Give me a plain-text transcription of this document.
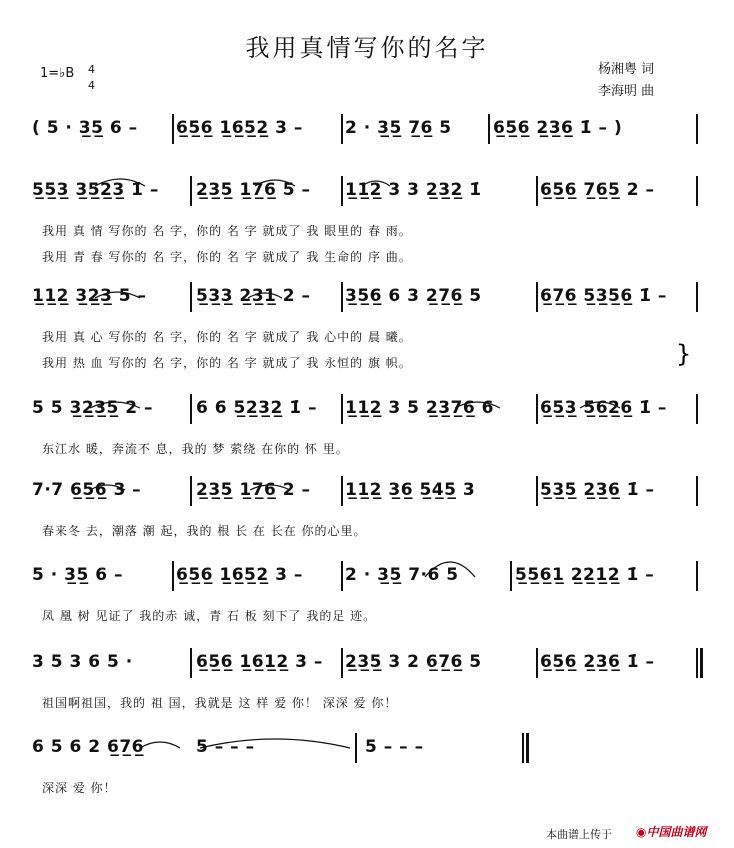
我用真情写你的名字
杨湘粤 词
李海明 曲
1=♭B 4
4
( 5 · 3̲5̲ 6 – 6̲5̲6̲ 1̲6̲5̲2̲ 3 – 2 · 3̲5̲ 7̲6̲ 5 6̲5̲6̲ 2̲3̲6̲ 1̇ – )
5̲5̲3̲ 3̲5̲2̲3̲ 1̇ – 2̲3̲5̲ 1̲7̲6̲ 5 – 1̲1̲2̲ 3 3 2̲3̲2̲ 1̇	6̲5̲6̲ 7̲6̲5̲ 2 –
我用 真 情 写你的 名 字，你的 名 字 就成了 我 眼里的 春 雨。
我用 青 春 写你的 名 字，你的 名 字 就成了 我 生命的 序 曲。
1̲1̲2̲ 3̲2̲3̲ 5 –	5̲3̲3̲ 2̲3̲1̲ 2 – 3̲5̲6̲ 6 3 2̲7̲6̲ 5	6̲7̲6̲ 5̲3̲5̲6̲ 1̇ –
我用 真 心 写你的 名 字，你的 名 字 就成了 我 心中的 晨 曦。
我用 热 血 写你的 名 字，你的 名 字 就成了 我 永恒的 旗 帜。
5 5 3̲2̲3̲5̲ 2 –	6 6 5̲2̲3̲2̲ 1̇ – 1̲1̲2̲ 3 5 2̲3̲7̲6̲ 6	6̲5̲3̲ 5̲6̲2̲6̲ 1̇ –
东江水 暖，奔流不 息，我的 梦 萦绕 在你的 怀 里。
7·7 6̲5̲6̲ 3 –	2̲3̲5̲ 1̲7̲6̲ 2 – 1̲1̲2̲ 3̲6̲ 5̲4̲5̲ 3	5̲3̲5̲ 2̲3̲6̲ 1̇ –
春来冬 去，潮落 潮 起，我的 根 长 在 长在 你的心里。
5 · 3̲5̲ 6 –	6̲5̲6̲ 1̲6̲5̲2̲ 3 – 2 · 3̲5̲ 7·6 5	5̲5̲6̲1̲ 2̲2̲1̲2̲ 1̇ –
凤 凰 树 见证了 我的赤 诚，青 石 板 刻下了 我的足 迹。
3 5 3 6 5 ·	6̲5̲6̲ 1̲6̲1̲2̲ 3 – 2̲3̲5̲ 3 2 6̲7̲6̲ 5	6̲5̲6̲ 2̲3̲6̲ 1̇ –
祖国啊祖国，我的 祖 国，我就是 这 样 爱 你！ 深深 爱 你！
6 5 6 2 6̲7̲6̲	5 – – –	5 – – –
深深 爱 你！
}
本曲谱上传于 ◉中国曲谱网
